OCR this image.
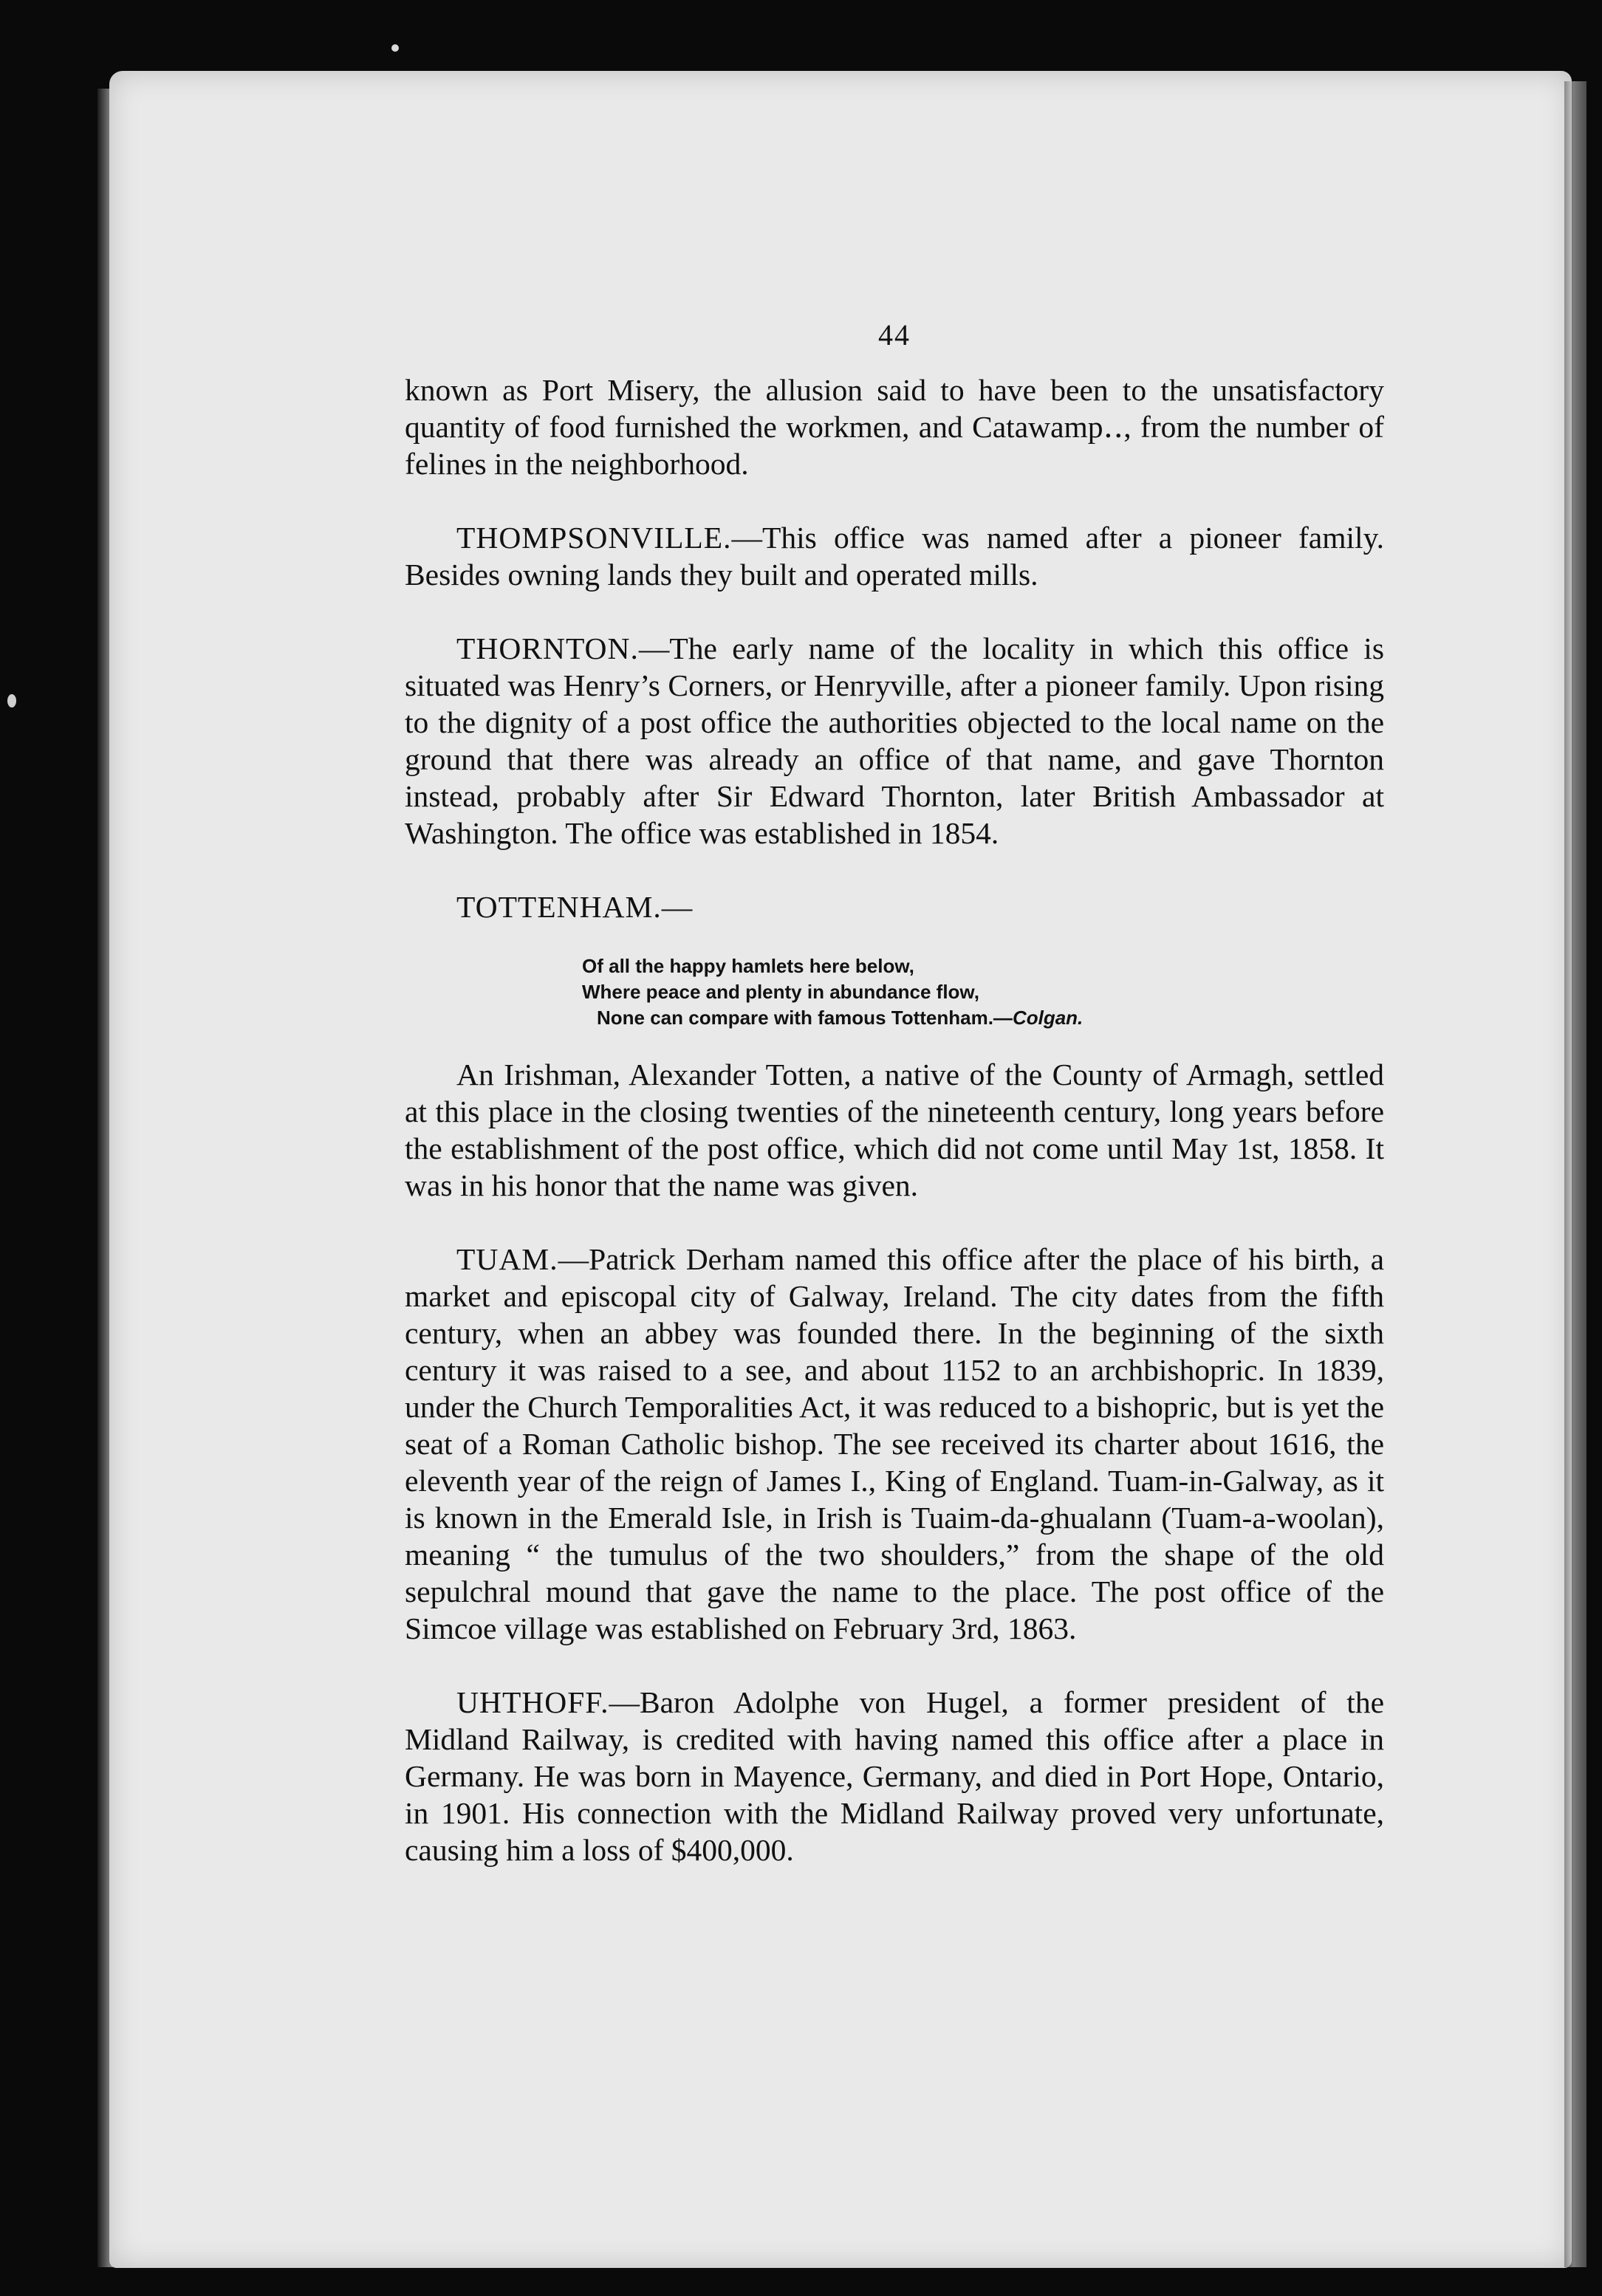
44

known as Port Misery, the allusion said to have been to the unsatisfactory quantity of food furnished the workmen, and Catawamp‥, from the number of felines in the neighborhood.

THOMPSONVILLE.—This office was named after a pioneer family. Besides owning lands they built and operated mills.

THORNTON.—The early name of the locality in which this office is situated was Henry’s Corners, or Henryville, after a pioneer family. Upon rising to the dignity of a post office the authorities objected to the local name on the ground that there was already an office of that name, and gave Thornton instead, probably after Sir Edward Thornton, later British Ambassador at Washington. The office was established in 1854.

TOTTENHAM.—
Of all the happy hamlets here below,
Where peace and plenty in abundance flow,
None can compare with famous Tottenham.—Colgan.

An Irishman, Alexander Totten, a native of the County of Armagh, settled at this place in the closing twenties of the nineteenth century, long years before the establishment of the post office, which did not come until May 1st, 1858. It was in his honor that the name was given.

TUAM.—Patrick Derham named this office after the place of his birth, a market and episcopal city of Galway, Ireland. The city dates from the fifth century, when an abbey was founded there. In the beginning of the sixth century it was raised to a see, and about 1152 to an archbishopric. In 1839, under the Church Temporalities Act, it was reduced to a bishopric, but is yet the seat of a Roman Catholic bishop. The see received its charter about 1616, the eleventh year of the reign of James I., King of England. Tuam-in-Galway, as it is known in the Emerald Isle, in Irish is Tuaim-da-ghualann (Tuam-a-woolan), meaning “ the tumulus of the two shoulders,” from the shape of the old sepulchral mound that gave the name to the place. The post office of the Simcoe village was established on February 3rd, 1863.

UHTHOFF.—Baron Adolphe von Hugel, a former president of the Midland Railway, is credited with having named this office after a place in Germany. He was born in Mayence, Germany, and died in Port Hope, Ontario, in 1901. His connection with the Midland Railway proved very unfortunate, causing him a loss of $400,000.
